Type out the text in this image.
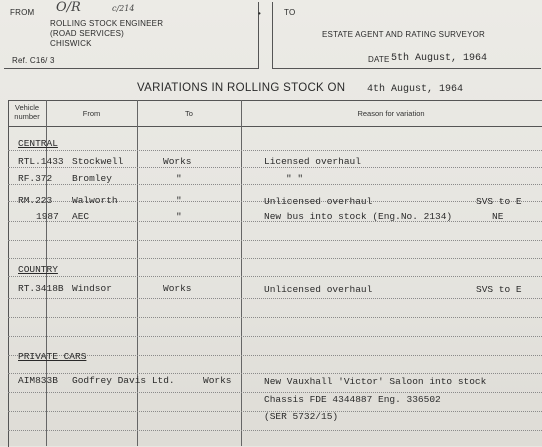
FROM O/R	c/214
ROLLING STOCK ENGINEER
(ROAD SERVICES)
CHISWICK
Ref. C16/ 3
•	TO
ESTATE AGENT AND RATING SURVEYOR
DATE 5th August, 1964
VARIATIONS IN ROLLING STOCK ON 4th August, 1964
Vehicle number	From	To	Reason for variation
CENTRAL
RTL.1433 Stockwell	Works	Licensed overhaul
RF.372 Bromley	"	" "
RM.223 Walworth	"	Unlicensed overhaul	SVS to E
1987 AEC	"	New bus into stock (Eng.No. 2134)	NE
COUNTRY
RT.3418B Windsor	Works	Unlicensed overhaul	SVS to E
PRIVATE CARS
AIM833B Godfrey Davis Ltd.	Works	New Vauxhall 'Victor' Saloon into stock
Chassis FDE 4344887 Eng. 336502
(SER 5732/15)
